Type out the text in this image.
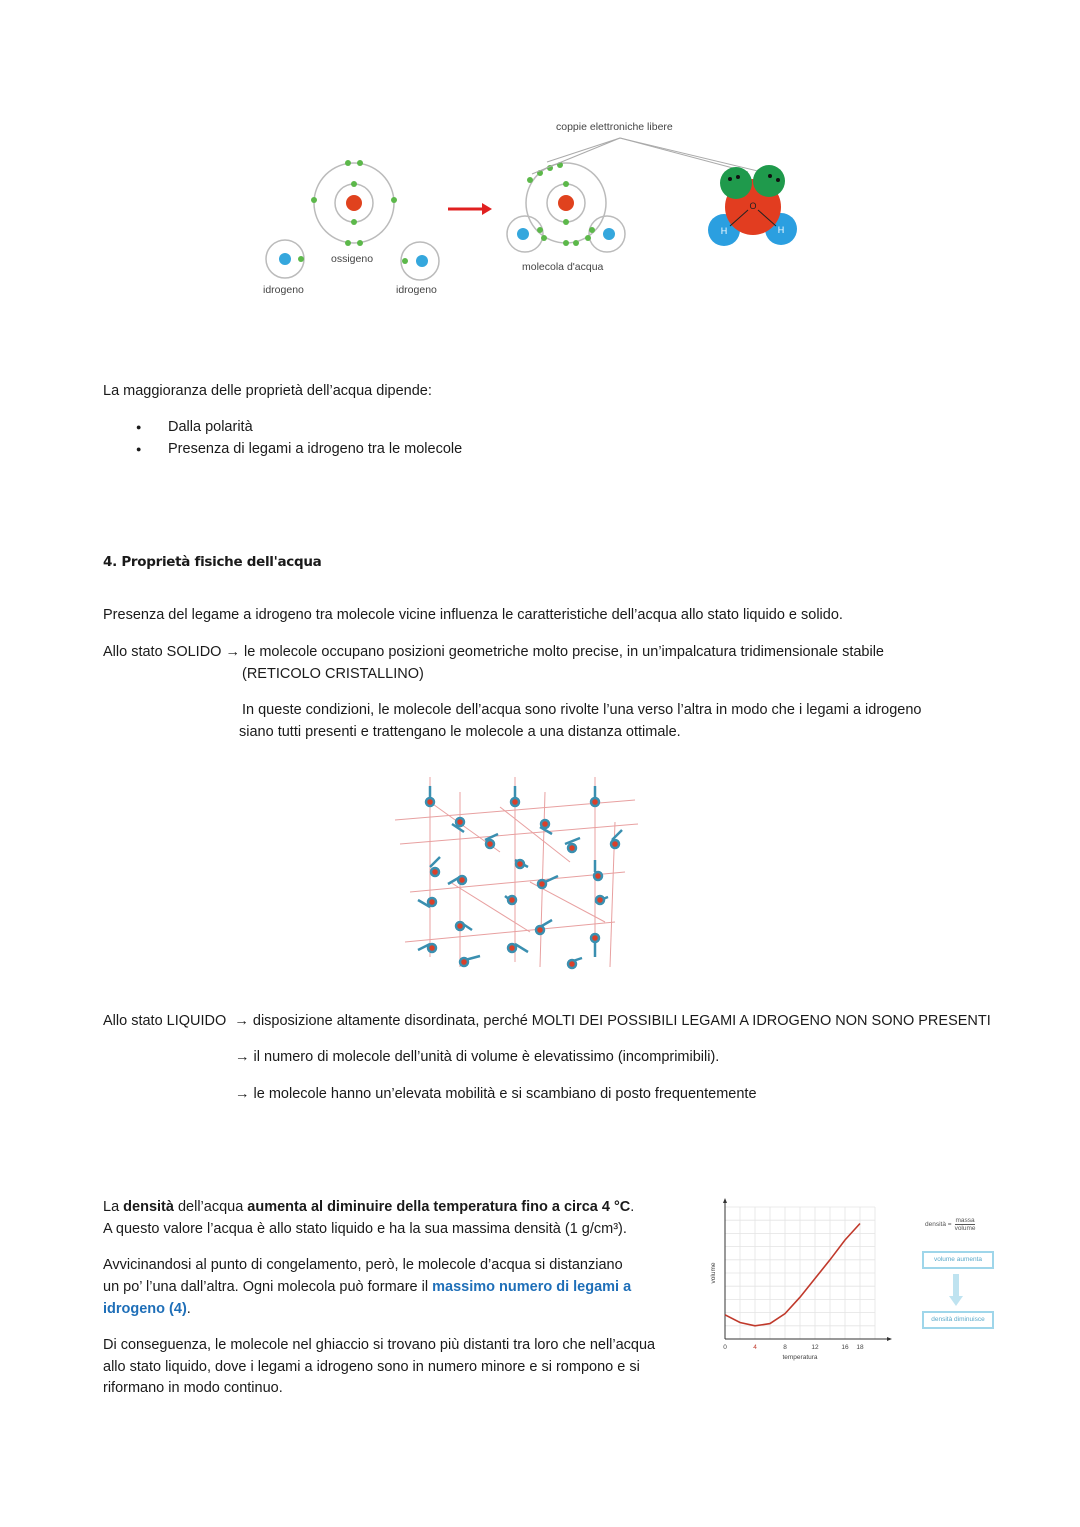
O
H	H
coppie elettroniche libere
ossigeno
idrogeno	idrogeno
molecola d'acqua
La maggioranza delle proprietà dell’acqua dipende:
● Dalla polarità
● Presenza di legami a idrogeno tra le molecole
4. Proprietà fisiche dell'acqua
Presenza del legame a idrogeno tra molecole vicine influenza le caratteristiche dell’acqua allo stato liquido e solido.
Allo stato SOLIDO → le molecole occupano posizioni geometriche molto precise, in un’impalcatura tridimensionale stabile
(RETICOLO CRISTALLINO)
In queste condizioni, le molecole dell’acqua sono rivolte l’una verso l’altra in modo che i legami a idrogeno
siano tutti presenti e trattengano le molecole a una distanza ottimale.
Allo stato LIQUIDO → disposizione altamente disordinata, perché MOLTI DEI POSSIBILI LEGAMI A IDROGENO NON SONO PRESENTI
→ il numero di molecole dell’unità di volume è elevatissimo (incomprimibili).
→ le molecole hanno un’elevata mobilità e si scambiano di posto frequentemente
La densità dell’acqua aumenta al diminuire della temperatura fino a circa 4 °C.
A questo valore l’acqua è allo stato liquido e ha la sua massima densità (1 g/cm³).
Avvicinandosi al punto di congelamento, però, le molecole d’acqua si distanziano
un po’ l’una dall’altra. Ogni molecola può formare il massimo numero di legami a
idrogeno (4).
Di conseguenza, le molecole nel ghiaccio si trovano più distanti tra loro che nell’acqua
allo stato liquido, dove i legami a idrogeno sono in numero minore e si rompono e si
riformano in modo continuo.
0	4	8	12	16 18
temperatura
volume
densità =
massa
volume
volume aumenta
densità diminuisce
